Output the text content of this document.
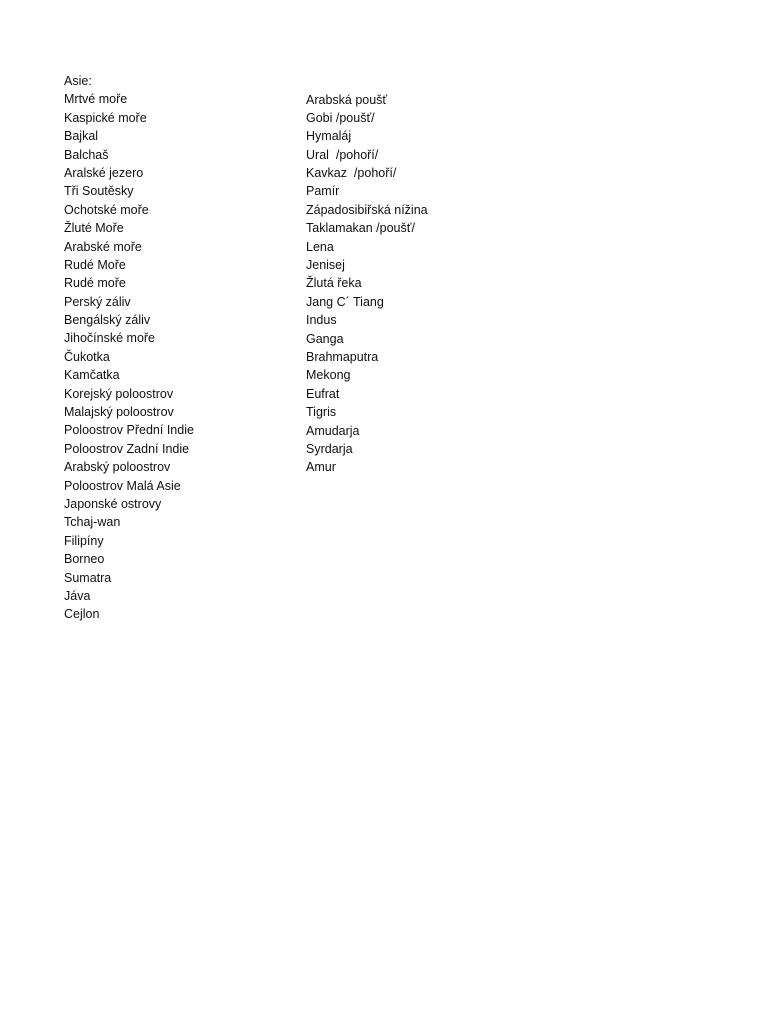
Asie:
Mrtvé moře
Kaspické moře
Bajkal
Balchaš
Aralské jezero
Tři Soutěsky
Ochotské moře
Žluté Moře
Arabské moře
Rudé Moře
Rudé moře
Perský záliv
Bengálský záliv
Jihočínské moře
Čukotka
Kamčatka
Korejský poloostrov
Malajský poloostrov
Poloostrov Přední Indie
Poloostrov Zadní Indie
Arabský poloostrov
Poloostrov Malá Asie
Japonské ostrovy
Tchaj-wan
Filipíny
Borneo
Sumatra
Jáva
Cejlon
Arabská poušť
Gobi /poušť/
Hymaláj
Ural  /pohoří/
Kavkaz  /pohoří/
Pamír
Západosibiřská nížina
Taklamakan /poušť/
Lena
Jenisej
Žlutá řeka
Jang C´ Tiang
Indus
Ganga
Brahmaputra
Mekong
Eufrat
Tigris
Amudarja
Syrdarja
Amur
